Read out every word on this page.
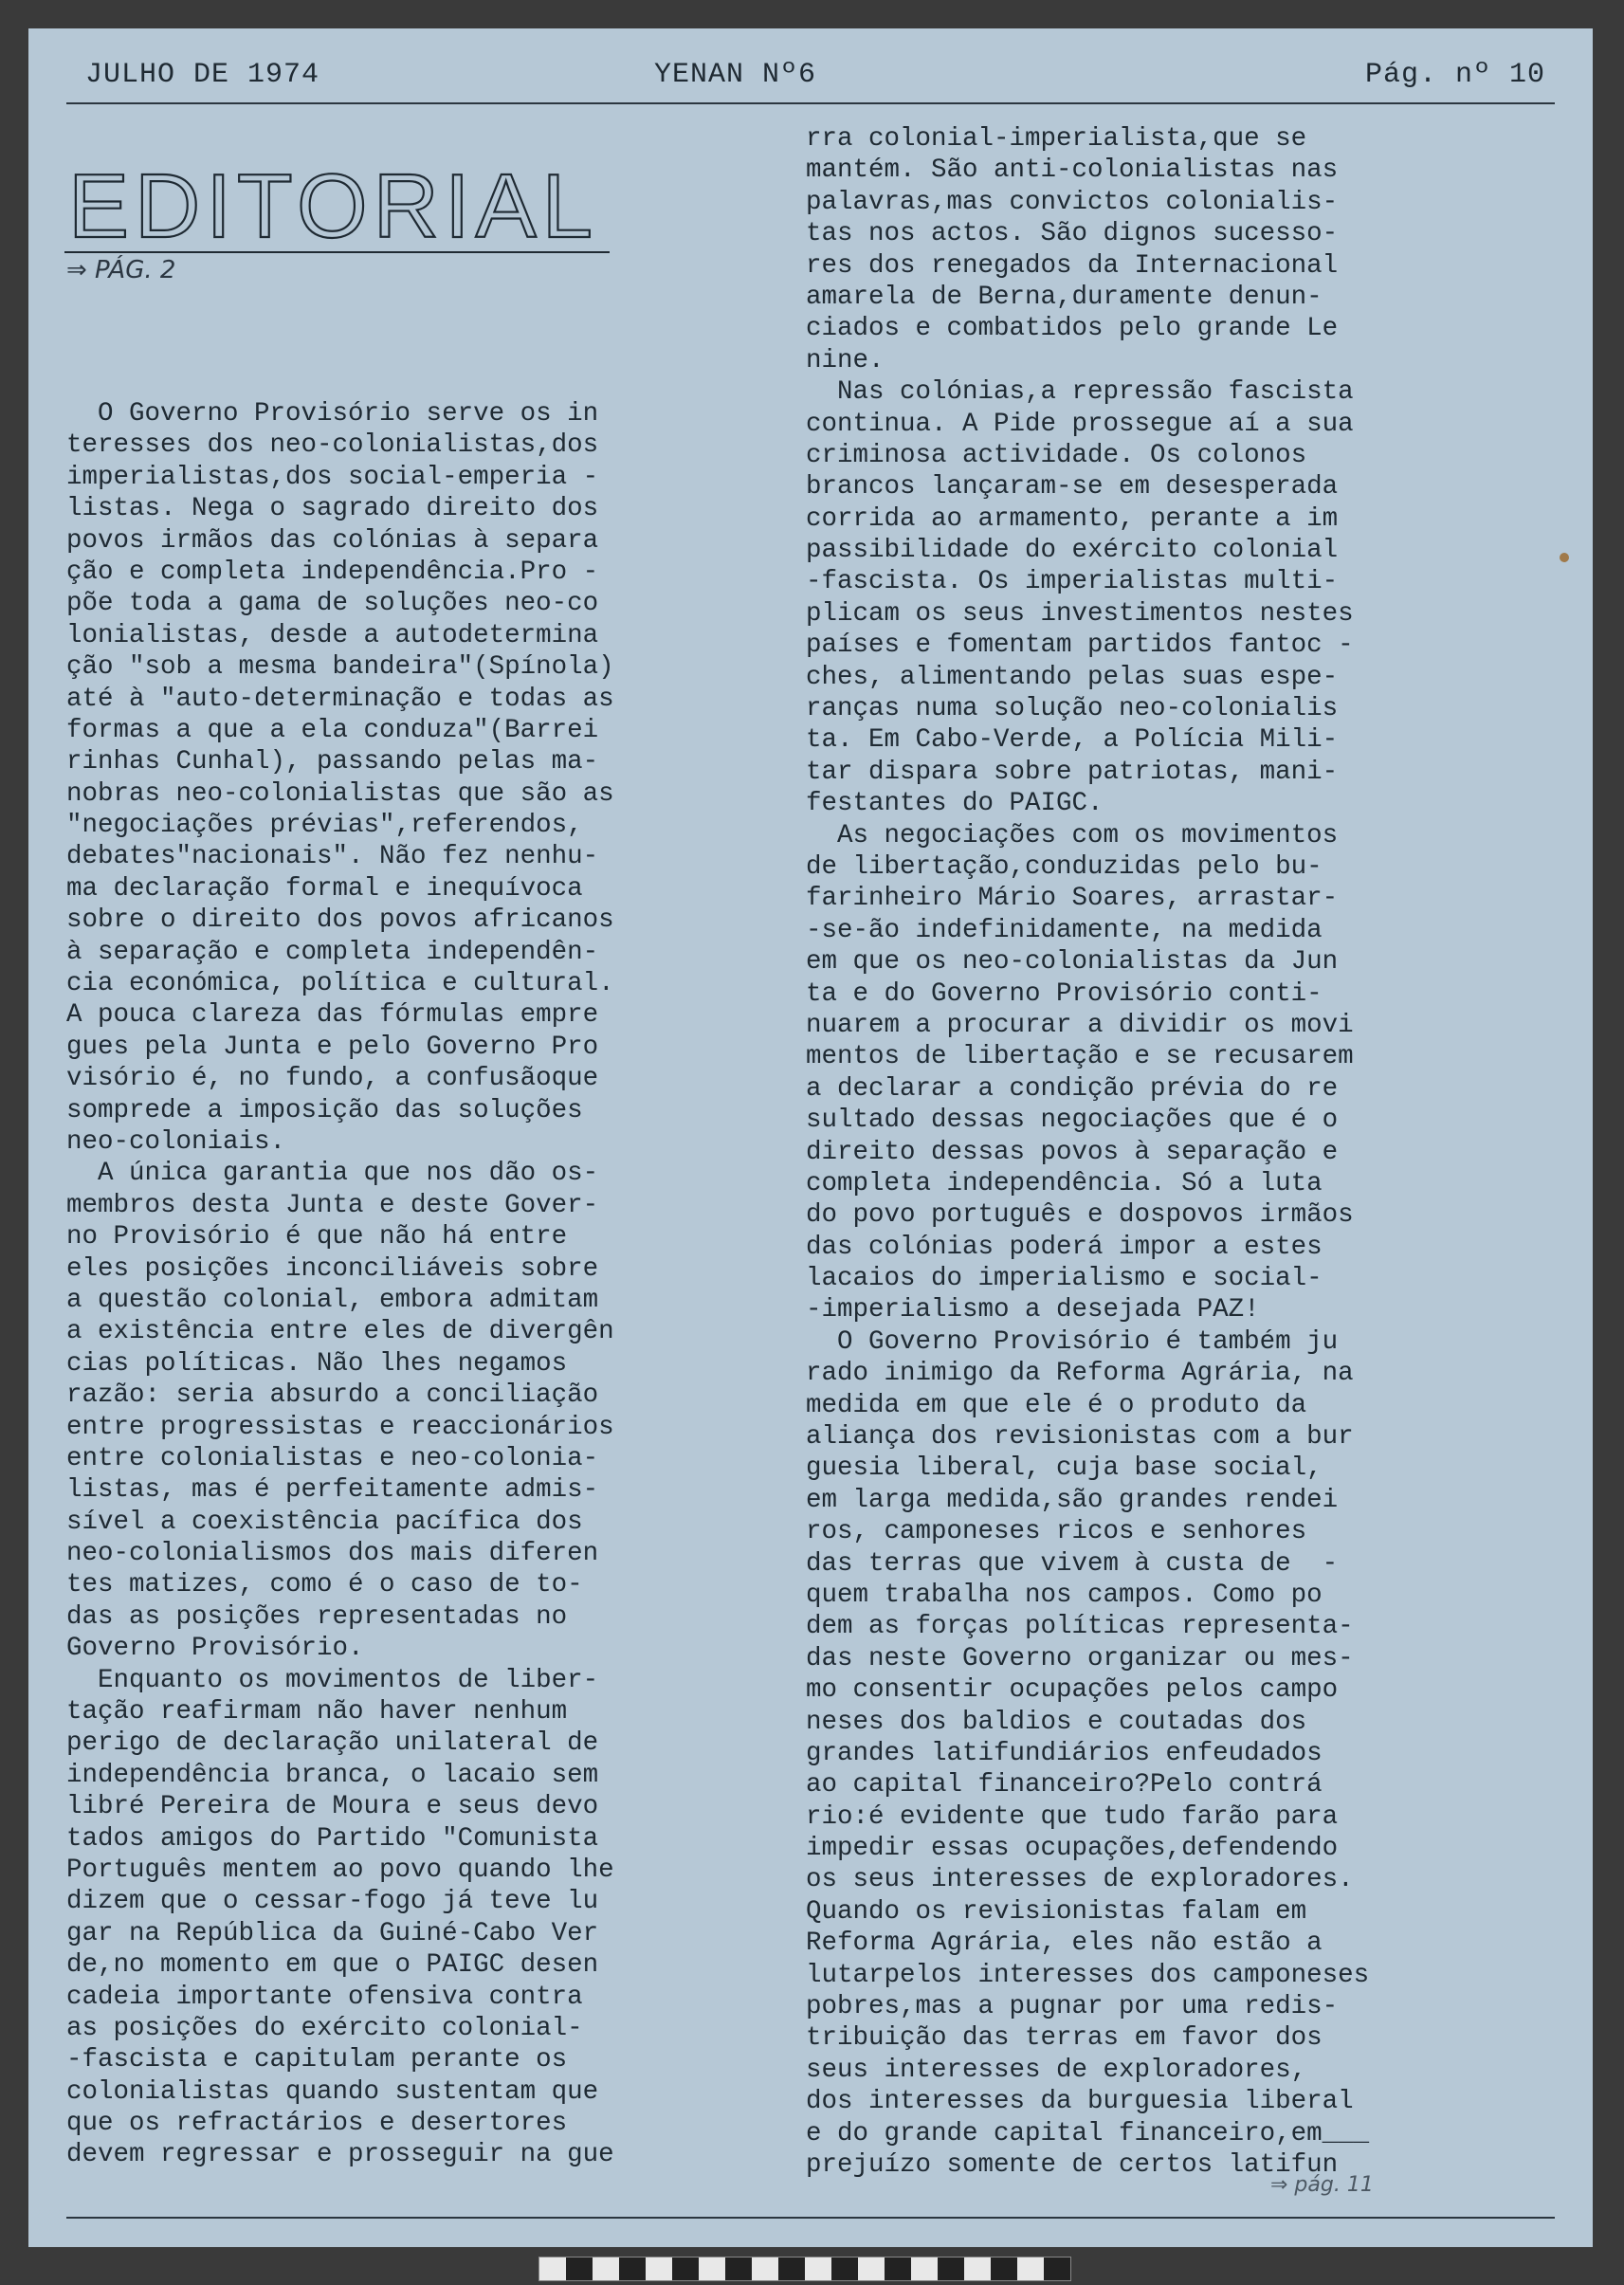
JULHO DE 1974	YENAN Nº6	Pág. nº 10
EDITORIAL
⇒ PÁG. 2
O Governo Provisório serve os in
teresses dos neo-colonialistas,dos
imperialistas,dos social-emperia -
listas. Nega o sagrado direito dos
povos irmãos das colónias à separa
ção e completa independência.Pro -
põe toda a gama de soluções neo-co
lonialistas, desde a autodetermina
ção "sob a mesma bandeira"(Spínola)
até à "auto-determinação e todas as
formas a que a ela conduza"(Barrei
rinhas Cunhal), passando pelas ma-
nobras neo-colonialistas que são as
"negociações prévias",referendos,
debates"nacionais". Não fez nenhu-
ma declaração formal e inequívoca
sobre o direito dos povos africanos
à separação e completa independên-
cia económica, política e cultural.
A pouca clareza das fórmulas empre
gues pela Junta e pelo Governo Pro
visório é, no fundo, a confusãoque
somprede a imposição das soluções
neo-coloniais.
A única garantia que nos dão os-
membros desta Junta e deste Gover-
no Provisório é que não há entre
eles posições inconciliáveis sobre
a questão colonial, embora admitam
a existência entre eles de divergên
cias políticas. Não lhes negamos
razão: seria absurdo a conciliação
entre progressistas e reaccionários
entre colonialistas e neo-colonia-
listas, mas é perfeitamente admis-
sível a coexistência pacífica dos
neo-colonialismos dos mais diferen
tes matizes, como é o caso de to-
das as posições representadas no
Governo Provisório.
Enquanto os movimentos de liber-
tação reafirmam não haver nenhum
perigo de declaração unilateral de
independência branca, o lacaio sem
libré Pereira de Moura e seus devo
tados amigos do Partido "Comunista
Português mentem ao povo quando lhe
dizem que o cessar-fogo já teve lu
gar na República da Guiné-Cabo Ver
de,no momento em que o PAIGC desen
cadeia importante ofensiva contra
as posições do exército colonial-
-fascista e capitulam perante os
colonialistas quando sustentam que
que os refractários e desertores
devem regressar e prosseguir na gue
rra colonial-imperialista,que se
mantém. São anti-colonialistas nas
palavras,mas convictos colonialis-
tas nos actos. São dignos sucesso-
res dos renegados da Internacional
amarela de Berna,duramente denun-
ciados e combatidos pelo grande Le
nine.
Nas colónias,a repressão fascista
continua. A Pide prossegue aí a sua
criminosa actividade. Os colonos
brancos lançaram-se em desesperada
corrida ao armamento, perante a im
passibilidade do exército colonial
-fascista. Os imperialistas multi-
plicam os seus investimentos nestes
países e fomentam partidos fantoc -
ches, alimentando pelas suas espe-
ranças numa solução neo-colonialis
ta. Em Cabo-Verde, a Polícia Mili-
tar dispara sobre patriotas, mani-
festantes do PAIGC.
As negociações com os movimentos
de libertação,conduzidas pelo bu-
farinheiro Mário Soares, arrastar-
-se-ão indefinidamente, na medida
em que os neo-colonialistas da Jun
ta e do Governo Provisório conti-
nuarem a procurar a dividir os movi
mentos de libertação e se recusarem
a declarar a condição prévia do re
sultado dessas negociações que é o
direito dessas povos à separação e
completa independência. Só a luta
do povo português e dospovos irmãos
das colónias poderá impor a estes
lacaios do imperialismo e social-
-imperialismo a desejada PAZ!
O Governo Provisório é também ju
rado inimigo da Reforma Agrária, na
medida em que ele é o produto da
aliança dos revisionistas com a bur
guesia liberal, cuja base social,
em larga medida,são grandes rendei
ros, camponeses ricos e senhores
das terras que vivem à custa de  -
quem trabalha nos campos. Como po
dem as forças políticas representa-
das neste Governo organizar ou mes-
mo consentir ocupações pelos campo
neses dos baldios e coutadas dos
grandes latifundiários enfeudados
ao capital financeiro?Pelo contrá
rio:é evidente que tudo farão para
impedir essas ocupações,defendendo
os seus interesses de exploradores.
Quando os revisionistas falam em
Reforma Agrária, eles não estão a
lutarpelos interesses dos camponeses
pobres,mas a pugnar por uma redis-
tribuição das terras em favor dos
seus interesses de exploradores,
dos interesses da burguesia liberal
e do grande capital financeiro,em___
prejuízo somente de certos latifun
⇒ pág. 11
